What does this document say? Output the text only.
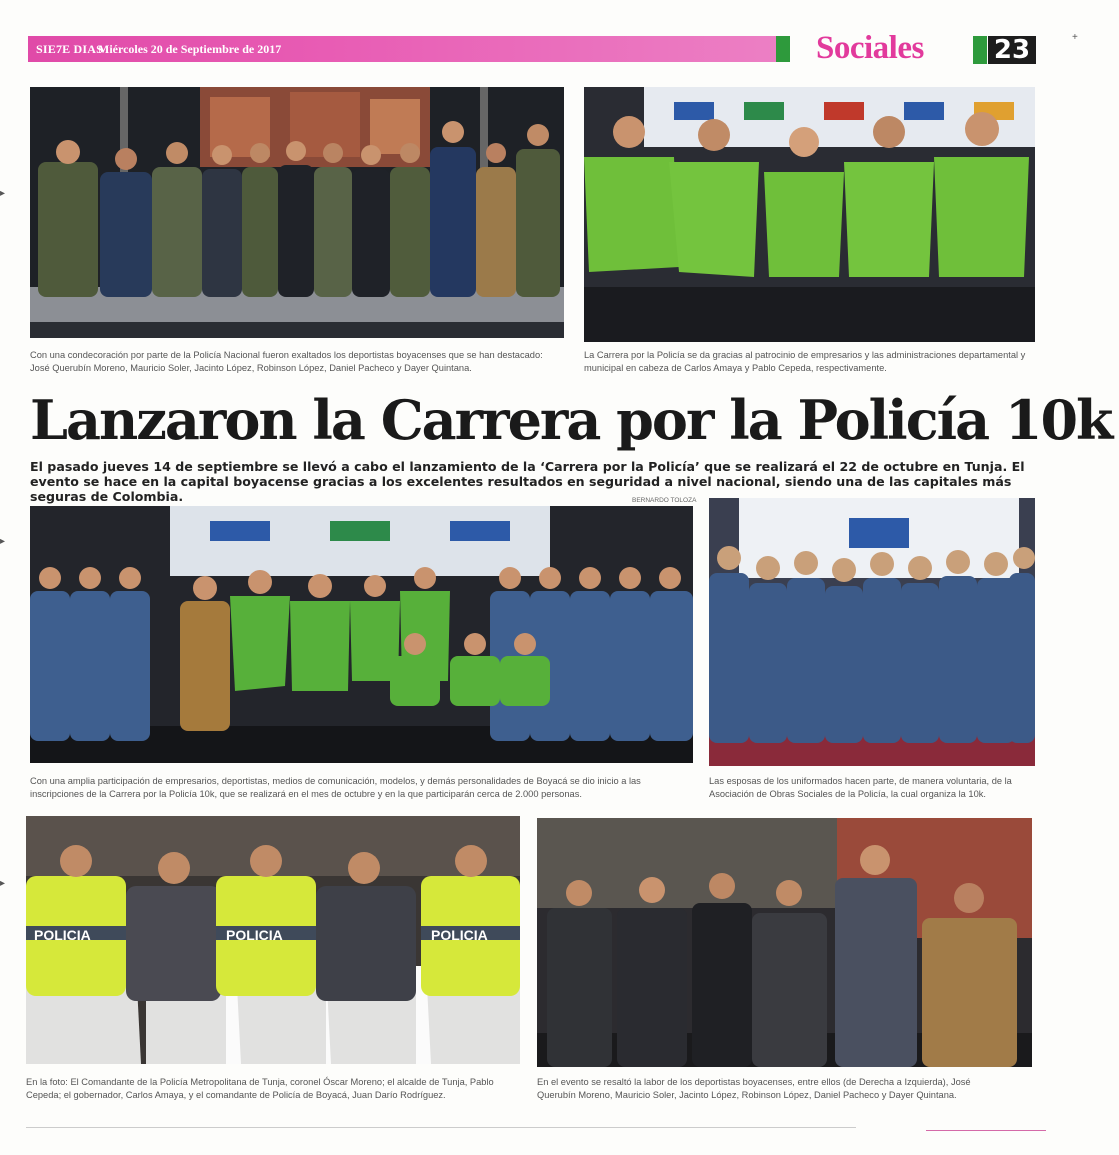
SIE7E DIAS
Miércoles 20 de Septiembre de 2017	Sociales	23
Con una condecoración por parte de la Policía Nacional fueron exaltados los deportistas boyacenses que se han destacado: José Querubín Moreno, Mauricio Soler, Jacinto López, Robinson López, Daniel Pacheco y Dayer Quintana.
La Carrera por la Policía se da gracias al patrocinio de empresarios y las administraciones departamental y municipal en cabeza de Carlos Amaya y Pablo Cepeda, respectivamente.
Lanzaron la Carrera por la Policía 10k
El pasado jueves 14 de septiembre se llevó a cabo el lanzamiento de la ‘Carrera por la Policía’ que se realizará el 22 de octubre en Tunja. El evento se hace en la capital boyacense gracias a los excelentes resultados en seguridad a nivel nacional, siendo una de las capitales más seguras de Colombia.	BERNARDO TOLOZA
Con una amplia participación de empresarios, deportistas, medios de comunicación, modelos, y demás personalidades de Boyacá se dio inicio a las inscripciones de la Carrera por la Policía 10k, que se realizará en el mes de octubre y en la que participarán cerca de 2.000 personas.
Las esposas de los uniformados hacen parte, de manera voluntaria, de la Asociación de Obras Sociales de la Policía, la cual organiza la 10k.
POLICIA	POLICIA	POLICIA
En la foto: El Comandante de la Policía Metropolitana de Tunja, coronel Óscar Moreno; el alcalde de Tunja, Pablo Cepeda; el gobernador, Carlos Amaya, y el comandante de Policía de Boyacá, Juan Darío Rodríguez.
En el evento se resaltó la labor de los deportistas boyacenses, entre ellos (de Derecha a Izquierda), José Querubín Moreno, Mauricio Soler, Jacinto López, Robinson López, Daniel Pacheco y Dayer Quintana.
▸
▸
▸
+
